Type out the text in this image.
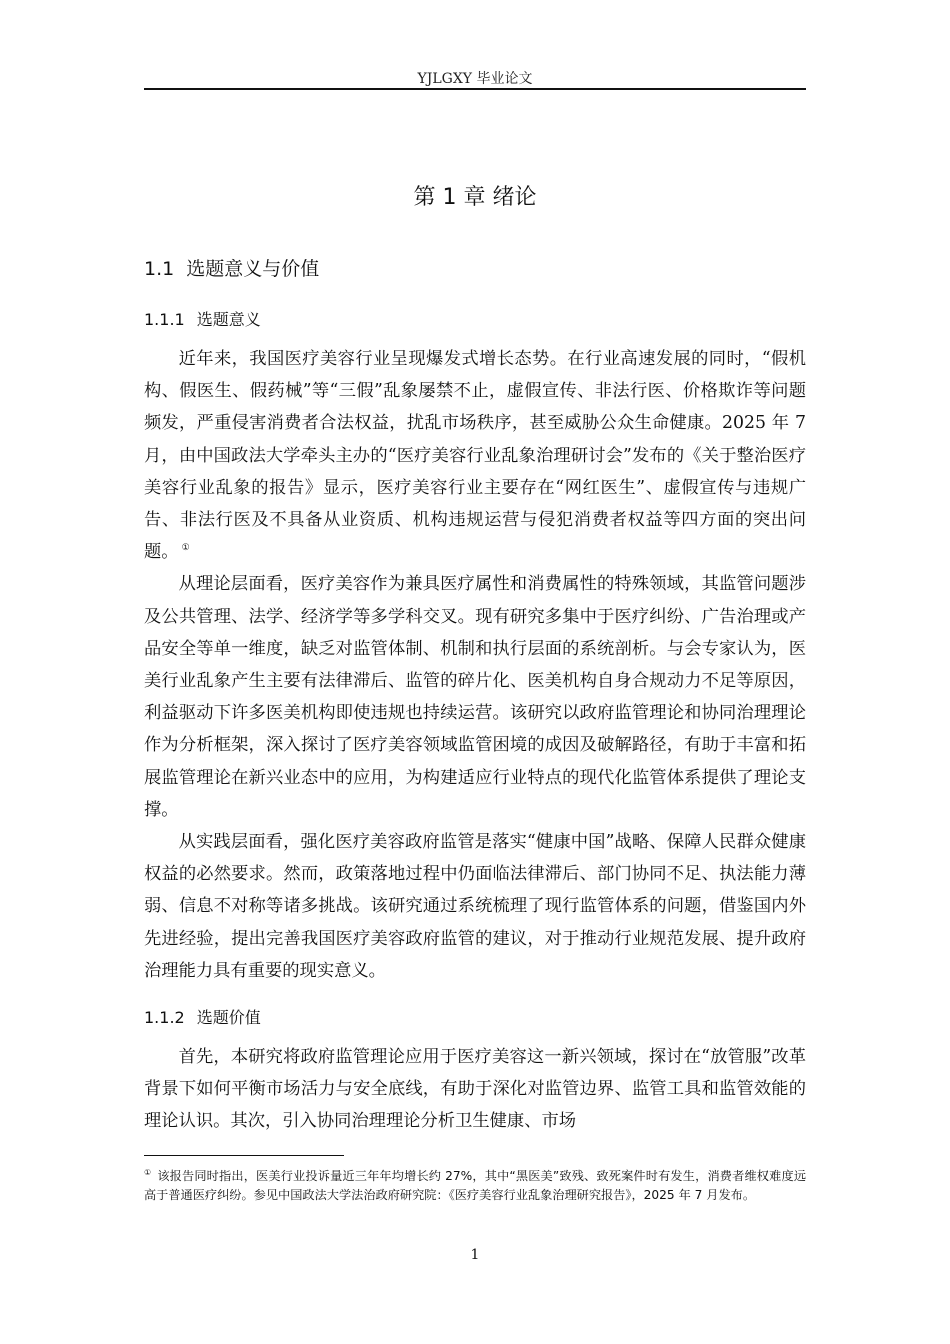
YJLGXY 毕业论文
第 1 章 绪论
1.1 选题意义与价值
1.1.1 选题意义

近年来，我国医疗美容行业呈现爆发式增长态势。在行业高速发展的同时，“假机构、假医生、假药械”等“三假”乱象屡禁不止，虚假宣传、非法行医、价格欺诈等问题频发，严重侵害消费者合法权益，扰乱市场秩序，甚至威胁公众生命健康。2025 年 7 月，由中国政法大学牵头主办的“医疗美容行业乱象治理研讨会”发布的《关于整治医疗美容行业乱象的报告》显示，医疗美容行业主要存在“网红医生”、虚假宣传与违规广告、非法行医及不具备从业资质、机构违规运营与侵犯消费者权益等四方面的突出问题。 ①

从理论层面看，医疗美容作为兼具医疗属性和消费属性的特殊领域，其监管问题涉及公共管理、法学、经济学等多学科交叉。现有研究多集中于医疗纠纷、广告治理或产品安全等单一维度，缺乏对监管体制、机制和执行层面的系统剖析。与会专家认为，医美行业乱象产生主要有法律滞后、监管的碎片化、医美机构自身合规动力不足等原因，利益驱动下许多医美机构即使违规也持续运营。该研究以政府监管理论和协同治理理论作为分析框架，深入探讨了医疗美容领域监管困境的成因及破解路径，有助于丰富和拓展监管理论在新兴业态中的应用，为构建适应行业特点的现代化监管体系提供了理论支撑。

从实践层面看，强化医疗美容政府监管是落实“健康中国”战略、保障人民群众健康权益的必然要求。然而，政策落地过程中仍面临法律滞后、部门协同不足、执法能力薄弱、信息不对称等诸多挑战。该研究通过系统梳理了现行监管体系的问题，借鉴国内外先进经验，提出完善我国医疗美容政府监管的建议，对于推动行业规范发展、提升政府治理能力具有重要的现实意义。

1.1.2 选题价值

首先，本研究将政府监管理论应用于医疗美容这一新兴领域，探讨在“放管服”改革背景下如何平衡市场活力与安全底线，有助于深化对监管边界、监管工具和监管效能的理论认识。其次，引入协同治理理论分析卫生健康、市场

① 该报告同时指出，医美行业投诉量近三年年均增长约 27%，其中“黑医美”致残、致死案件时有发生，消费者维权难度远高于普通医疗纠纷。参见中国政法大学法治政府研究院：《医疗美容行业乱象治理研究报告》，2025 年 7 月发布。
1
